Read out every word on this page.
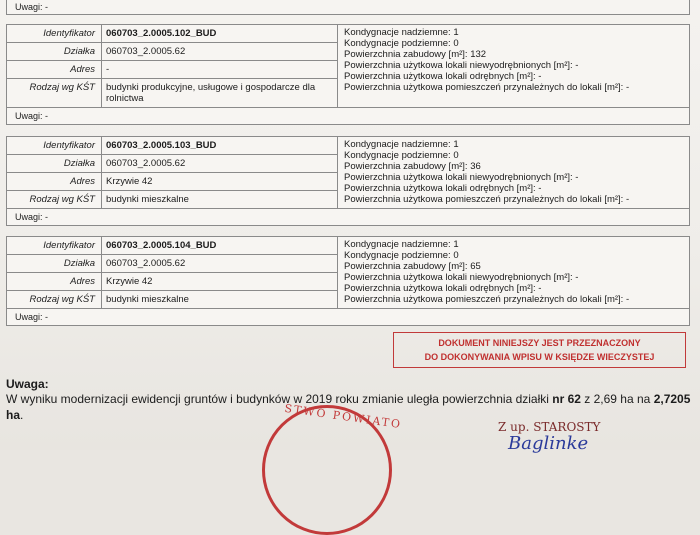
Uwagi: -
Identyfikator	060703_2.0005.102_BUD
Działka	060703_2.0005.62
Adres	-
Rodzaj wg KŚT	budynki produkcyjne, usługowe i gospodarcze dla rolnictwa
Kondygnacje nadziemne: 1
Kondygnacje podziemne: 0
Powierzchnia zabudowy [m²]: 132
Powierzchnia użytkowa lokali niewyodrębnionych [m²]: -
Powierzchnia użytkowa lokali odrębnych [m²]: -
Powierzchnia użytkowa pomieszczeń przynależnych do lokali [m²]: -
Uwagi: -
Identyfikator	060703_2.0005.103_BUD
Działka	060703_2.0005.62
Adres	Krzywie 42
Rodzaj wg KŚT	budynki mieszkalne
Kondygnacje nadziemne: 1
Kondygnacje podziemne: 0
Powierzchnia zabudowy [m²]: 36
Powierzchnia użytkowa lokali niewyodrębnionych [m²]: -
Powierzchnia użytkowa lokali odrębnych [m²]: -
Powierzchnia użytkowa pomieszczeń przynależnych do lokali [m²]: -
Uwagi: -
Identyfikator	060703_2.0005.104_BUD
Działka	060703_2.0005.62
Adres	Krzywie 42
Rodzaj wg KŚT	budynki mieszkalne
Kondygnacje nadziemne: 1
Kondygnacje podziemne: 0
Powierzchnia zabudowy [m²]: 65
Powierzchnia użytkowa lokali niewyodrębnionych [m²]: -
Powierzchnia użytkowa lokali odrębnych [m²]: -
Powierzchnia użytkowa pomieszczeń przynależnych do lokali [m²]: -
Uwagi: -
DOKUMENT NINIEJSZY JEST PRZEZNACZONY
DO DOKONYWANIA WPISU W KSIĘDZE WIECZYSTEJ
Uwaga:
W wyniku modernizacji ewidencji gruntów i budynków w 2019 roku zmianie uległa powierzchnia działki nr 62 z 2,69 ha na 2,7205 ha.	STWO POWIATO	Z up. STAROSTY
Baglinke
